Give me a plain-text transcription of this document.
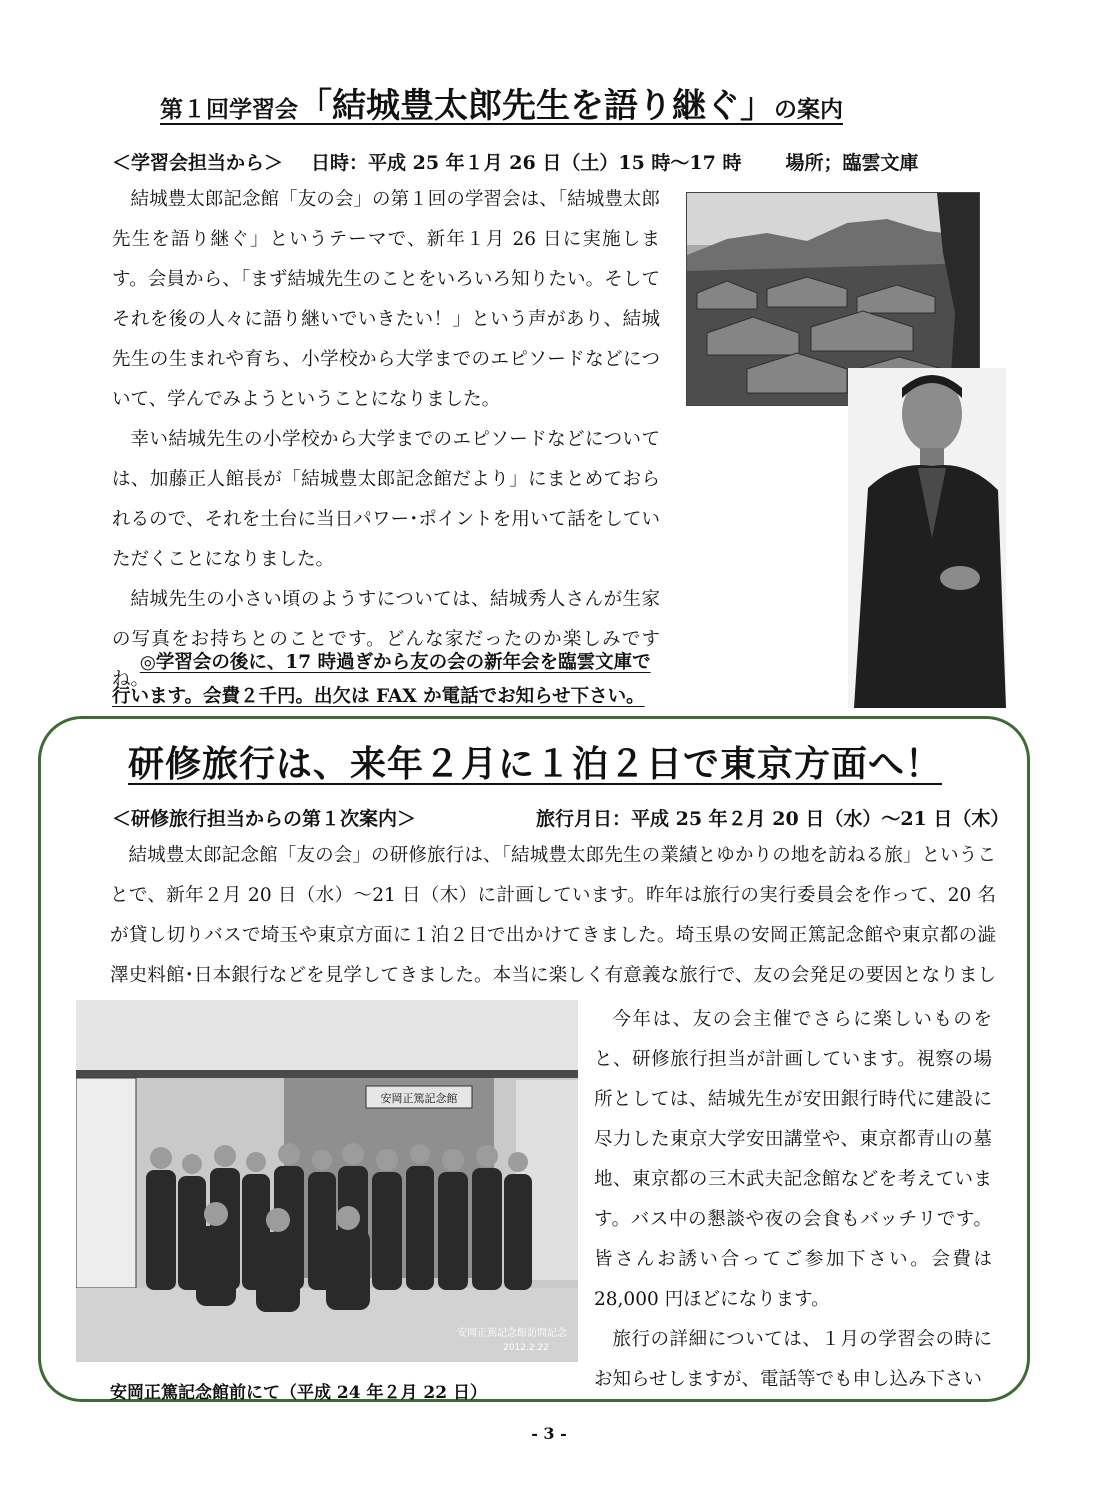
第１回学習会「結城豊太郎先生を語り継ぐ」の案内
＜学習会担当から＞ 日時：平成 25 年１月 26 日（土）15 時〜17 時 場所；臨雲文庫

結城豊太郎記念館「友の会」の第１回の学習会は、「結城豊太郎先生を語り継ぐ」というテーマで、新年１月 26 日に実施します。会員から、「まず結城先生のことをいろいろ知りたい。そしてそれを後の人々に語り継いでいきたい！」という声があり、結城先生の生まれや育ち、小学校から大学までのエピソードなどについて、学んでみようということになりました。

幸い結城先生の小学校から大学までのエピソードなどについては、加藤正人館長が「結城豊太郎記念館だより」にまとめておられるので、それを土台に当日パワー･ポイントを用いて話をしていただくことになりました。

結城先生の小さい頃のようすについては、結城秀人さんが生家の写真をお持ちとのことです。どんな家だったのか楽しみですね。

◎学習会の後に、17 時過ぎから友の会の新年会を臨雲文庫で行います。会費２千円。出欠は FAX か電話でお知らせ下さい。
研修旅行は、来年２月に１泊２日で東京方面へ！
＜研修旅行担当からの第１次案内＞	旅行月日：平成 25 年２月 20 日（水）〜21 日（木）

結城豊太郎記念館「友の会」の研修旅行は、「結城豊太郎先生の業績とゆかりの地を訪ねる旅」ということで、新年２月 20 日（水）〜21 日（木）に計画しています。昨年は旅行の実行委員会を作って、20 名が貸し切りバスで埼玉や東京方面に１泊２日で出かけてきました。埼玉県の安岡正篤記念館や東京都の澁澤史料館･日本銀行などを見学してきました。本当に楽しく有意義な旅行で、友の会発足の要因となりまし

安岡正篤記念館
安岡正篤記念館訪問記念
2012.2.22

今年は、友の会主催でさらに楽しいものをと、研修旅行担当が計画しています。視察の場所としては、結城先生が安田銀行時代に建設に尽力した東京大学安田講堂や、東京都青山の墓地、東京都の三木武夫記念館などを考えています。バス中の懇談や夜の会食もバッチリです。皆さんお誘い合ってご参加下さい。会費は 28,000 円ほどになります。

旅行の詳細については、１月の学習会の時にお知らせしますが、電話等でも申し込み下さい

安岡正篤記念館前にて（平成 24 年２月 22 日）
- 3 -
